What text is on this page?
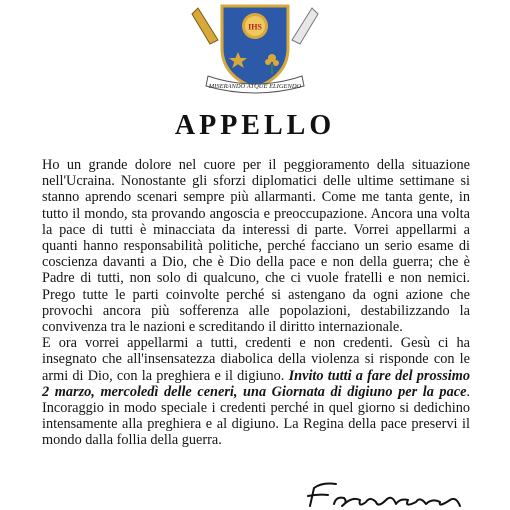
IHS
MISERANDO ATQUE ELIGENDO
APPELLO

Ho un grande dolore nel cuore per il peggioramento della situazione nell'Ucraina. Nonostante gli sforzi diplomatici delle ultime settimane si stanno aprendo scenari sempre più allarmanti. Come me tanta gente, in tutto il mondo, sta provando angoscia e preoccupazione. Ancora una volta la pace di tutti è minacciata da interessi di parte. Vorrei appellarmi a quanti hanno responsabilità politiche, perché facciano un serio esame di coscienza davanti a Dio, che è Dio della pace e non della guerra; che è Padre di tutti, non solo di qualcuno, che ci vuole fratelli e non nemici. Prego tutte le parti coinvolte perché si astengano da ogni azione che provochi ancora più sofferenza alle popolazioni, destabilizzando la convivenza tra le nazioni e screditando il diritto internazionale.

E ora vorrei appellarmi a tutti, credenti e non credenti. Gesù ci ha insegnato che all'insensatezza diabolica della violenza si risponde con le armi di Dio, con la preghiera e il digiuno. Invito tutti a fare del prossimo 2 marzo, mercoledì delle ceneri, una Giornata di digiuno per la pace. Incoraggio in modo speciale i credenti perché in quel giorno si dedichino intensamente alla preghiera e al digiuno. La Regina della pace preservi il mondo dalla follia della guerra.
